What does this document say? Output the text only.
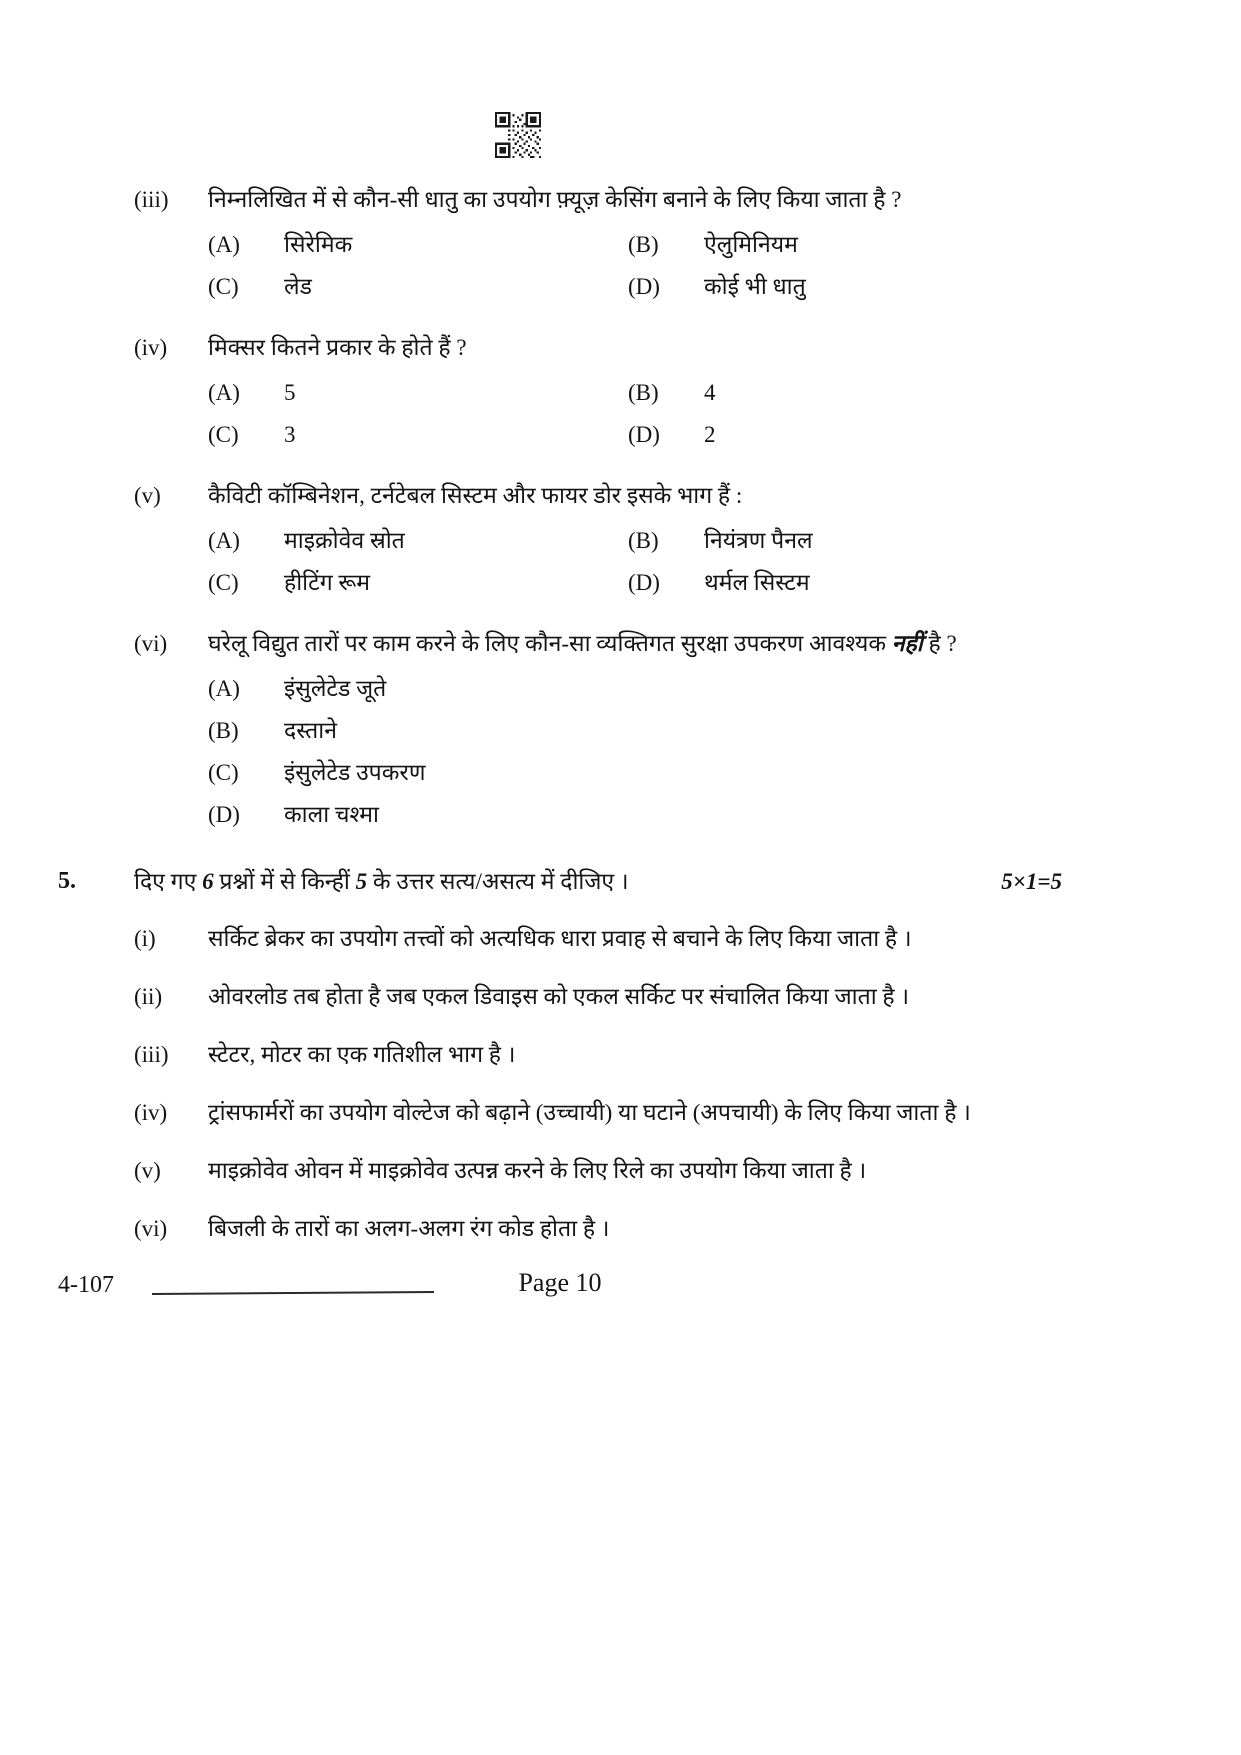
(iii)	निम्नलिखित में से कौन-सी धातु का उपयोग फ़्यूज़ केसिंग बनाने के लिए किया जाता है ?

(A)	सिरेमिक	(B)	ऐलुमिनियम
(C)	लेड	(D)	कोई भी धातु
(iv)	मिक्सर कितने प्रकार के होते हैं ?

(A)	5	(B)	4
(C)	3	(D)	2
(v)	कैविटी कॉम्बिनेशन, टर्नटेबल सिस्टम और फायर डोर इसके भाग हैं :

(A)	माइक्रोवेव स्रोत	(B)	नियंत्रण पैनल
(C)	हीटिंग रूम	(D)	थर्मल सिस्टम
(vi)	घरेलू विद्युत तारों पर काम करने के लिए कौन-सा व्यक्तिगत सुरक्षा उपकरण आवश्यक नहीं है ?

(A)	इंसुलेटेड जूते
(B)	दस्ताने
(C)	इंसुलेटेड उपकरण
(D)	काला चश्मा
5.	दिए गए 6 प्रश्नों में से किन्हीं 5 के उत्तर सत्य/असत्य में दीजिए ।	5×1=5
(i)	सर्किट ब्रेकर का उपयोग तत्त्वों को अत्यधिक धारा प्रवाह से बचाने के लिए किया जाता है ।
(ii)	ओवरलोड तब होता है जब एकल डिवाइस को एकल सर्किट पर संचालित किया जाता है ।
(iii)	स्टेटर, मोटर का एक गतिशील भाग है ।
(iv)	ट्रांसफार्मरों का उपयोग वोल्टेज को बढ़ाने (उच्चायी) या घटाने (अपचायी) के लिए किया जाता है ।
(v)	माइक्रोवेव ओवन में माइक्रोवेव उत्पन्न करने के लिए रिले का उपयोग किया जाता है ।
(vi)	बिजली के तारों का अलग-अलग रंग कोड होता है ।
4-107	Page 10
